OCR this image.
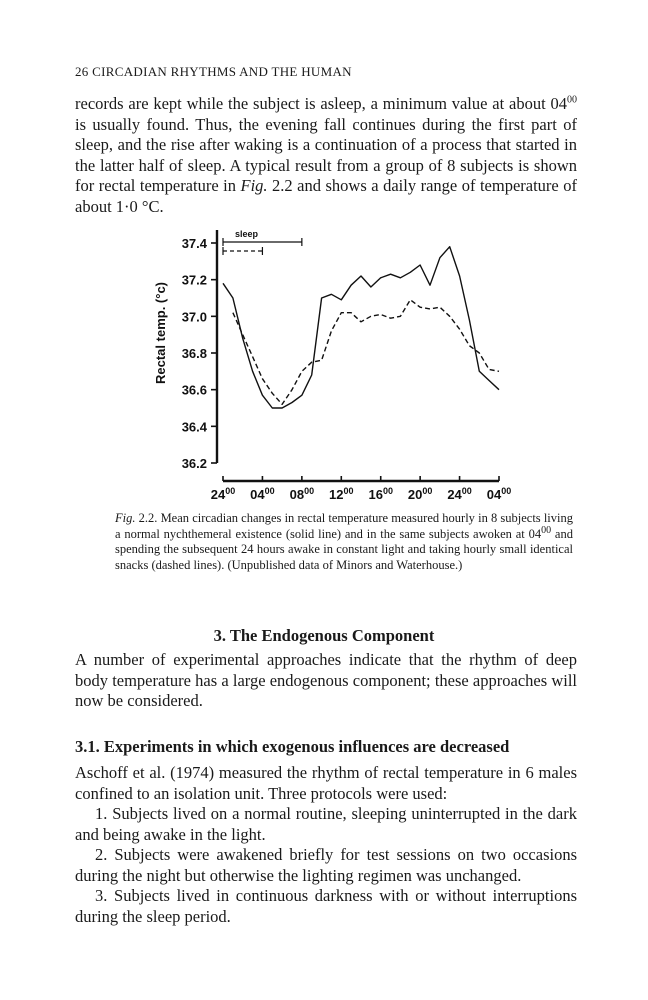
26 CIRCADIAN RHYTHMS AND THE HUMAN
records are kept while the subject is asleep, a minimum value at about $04^{00}$ is usually found. Thus, the evening fall continues during the first part of sleep, and the rise after waking is a continuation of a process that started in the latter half of sleep. A typical result from a group of 8 subjects is shown for rectal temperature in Fig. 2.2 and shows a daily range of temperature of about 1·0 °C.
37.4
37.2
37.0
36.8
36.6
36.4
36.2
Rectal temp. (°c)
$24^{00}$ $04^{00}$ $08^{00}$ $12^{00}$ $16^{00}$ $20^{00}$ $24^{00}$ $04^{00}$
sleep
Fig. 2.2. Mean circadian changes in rectal temperature measured hourly in 8 subjects living a normal nychthemeral existence (solid line) and in the same subjects awoken at $04^{00}$ and spending the subsequent 24 hours awake in constant light and taking hourly small identical snacks (dashed lines). (Unpublished data of Minors and Waterhouse.)
3. The Endogenous Component
A number of experimental approaches indicate that the rhythm of deep body temperature has a large endogenous component; these approaches will now be considered.
3.1. Experiments in which exogenous influences are decreased
Aschoff et al. (1974) measured the rhythm of rectal temperature in 6 males confined to an isolation unit. Three protocols were used:
1. Subjects lived on a normal routine, sleeping uninterrupted in the dark and being awake in the light.
2. Subjects were awakened briefly for test sessions on two occasions during the night but otherwise the lighting regimen was unchanged.
3. Subjects lived in continuous darkness with or without interruptions during the sleep period.
